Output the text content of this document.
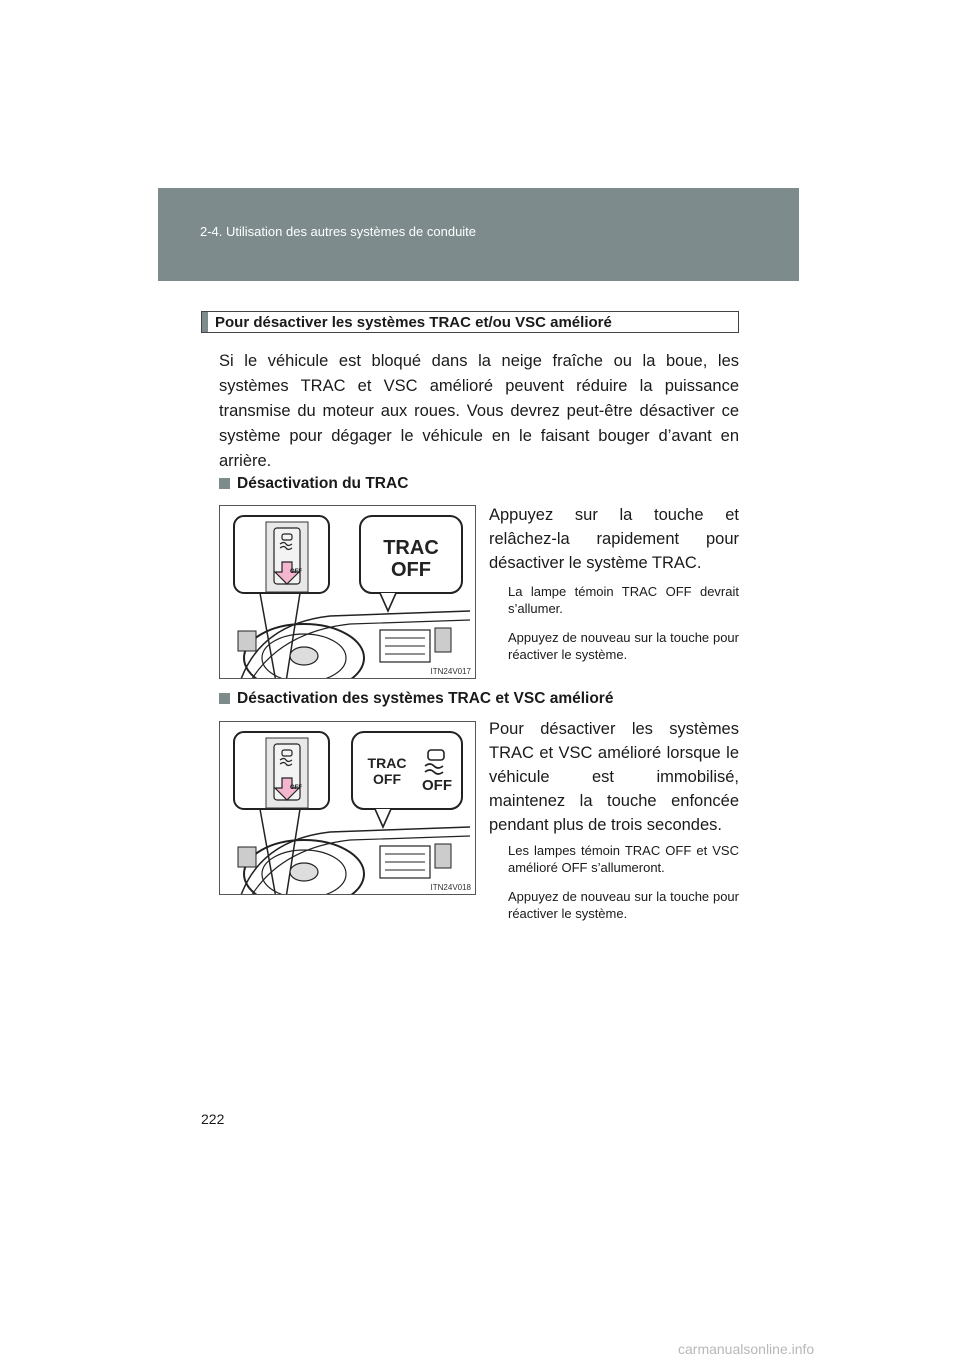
2-4. Utilisation des autres systèmes de conduite
Pour désactiver les systèmes TRAC et/ou VSC amélioré
Si le véhicule est bloqué dans la neige fraîche ou la boue, les systèmes TRAC et VSC amélioré peuvent réduire la puissance transmise du moteur aux roues. Vous devrez peut-être désactiver ce système pour dégager le véhicule en le faisant bouger d’avant en arrière.
Désactivation du TRAC
OFF
TRAC
OFF
ITN24V017
Appuyez sur la touche et relâchez-la rapidement pour désactiver le système TRAC.
La lampe témoin TRAC OFF devrait s’allumer.
Appuyez de nouveau sur la touche pour réactiver le système.
Désactivation des systèmes TRAC et VSC amélioré
OFF
TRAC
OFF	OFF
ITN24V018
Pour désactiver les systèmes TRAC et VSC amélioré lorsque le véhicule est immobilisé, maintenez la touche enfoncée pendant plus de trois secondes.
Les lampes témoin TRAC OFF et VSC amélioré OFF s’allumeront.
Appuyez de nouveau sur la touche pour réactiver le système.
222
carmanualsonline.info
